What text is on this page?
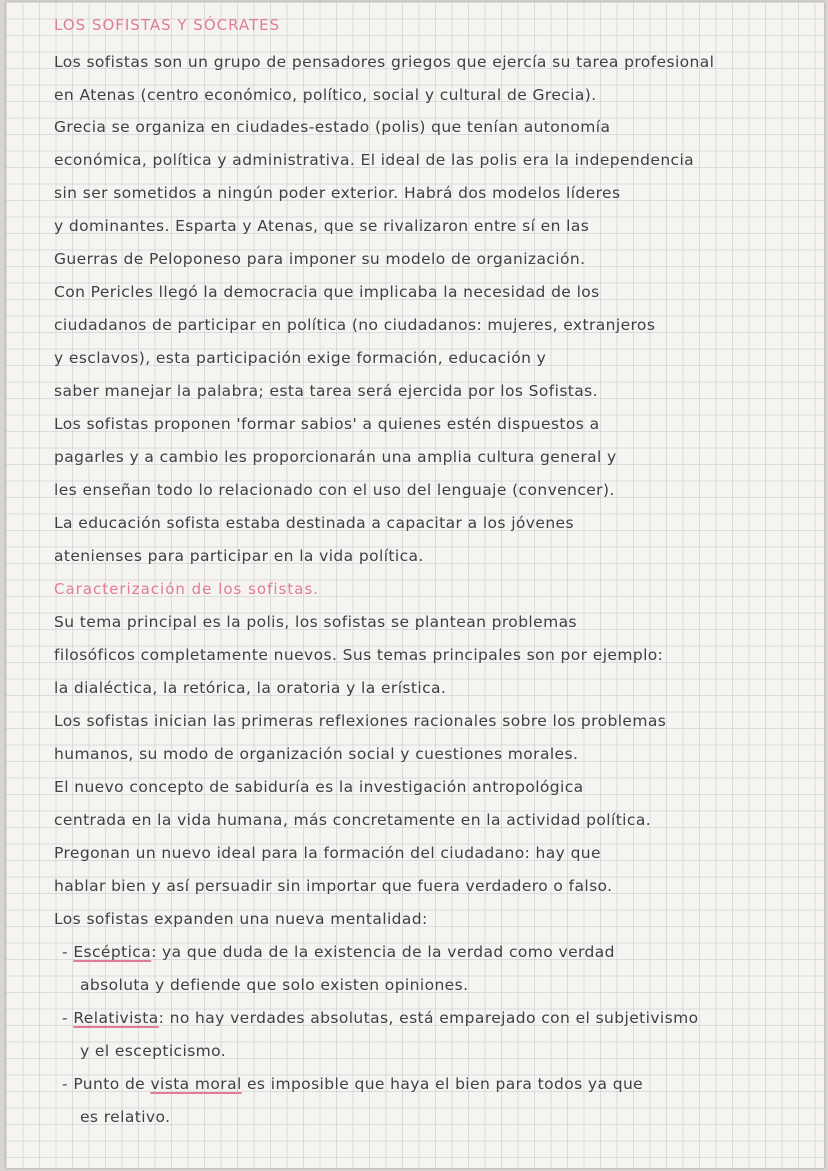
LOS SOFISTAS Y SÓCRATES
Los sofistas son un grupo de pensadores griegos que ejercía su tarea profesional
en Atenas (centro económico, político, social y cultural de Grecia).
Grecia se organiza en ciudades-estado (polis) que tenían autonomía
económica, política y administrativa. El ideal de las polis era la independencia
sin ser sometidos a ningún poder exterior. Habrá dos modelos líderes
y dominantes. Esparta y Atenas, que se rivalizaron entre sí en las
Guerras de Peloponeso para imponer su modelo de organización.
Con Pericles llegó la democracia que implicaba la necesidad de los
ciudadanos de participar en política (no ciudadanos: mujeres, extranjeros
y esclavos), esta participación exige formación, educación y
saber manejar la palabra; esta tarea será ejercida por los Sofistas.
Los sofistas proponen 'formar sabios' a quienes estén dispuestos a
pagarles y a cambio les proporcionarán una amplia cultura general y
les enseñan todo lo relacionado con el uso del lenguaje (convencer).
La educación sofista estaba destinada a capacitar a los jóvenes
atenienses para participar en la vida política.
Caracterización de los sofistas.
Su tema principal es la polis, los sofistas se plantean problemas
filosóficos completamente nuevos. Sus temas principales son por ejemplo:
la dialéctica, la retórica, la oratoria y la erística.
Los sofistas inician las primeras reflexiones racionales sobre los problemas
humanos, su modo de organización social y cuestiones morales.
El nuevo concepto de sabiduría es la investigación antropológica
centrada en la vida humana, más concretamente en la actividad política.
Pregonan un nuevo ideal para la formación del ciudadano: hay que
hablar bien y así persuadir sin importar que fuera verdadero o falso.
Los sofistas expanden una nueva mentalidad:
- Escéptica: ya que duda de la existencia de la verdad como verdad
absoluta y defiende que solo existen opiniones.
- Relativista: no hay verdades absolutas, está emparejado con el subjetivismo
y el escepticismo.
- Punto de vista moral es imposible que haya el bien para todos ya que
es relativo.
